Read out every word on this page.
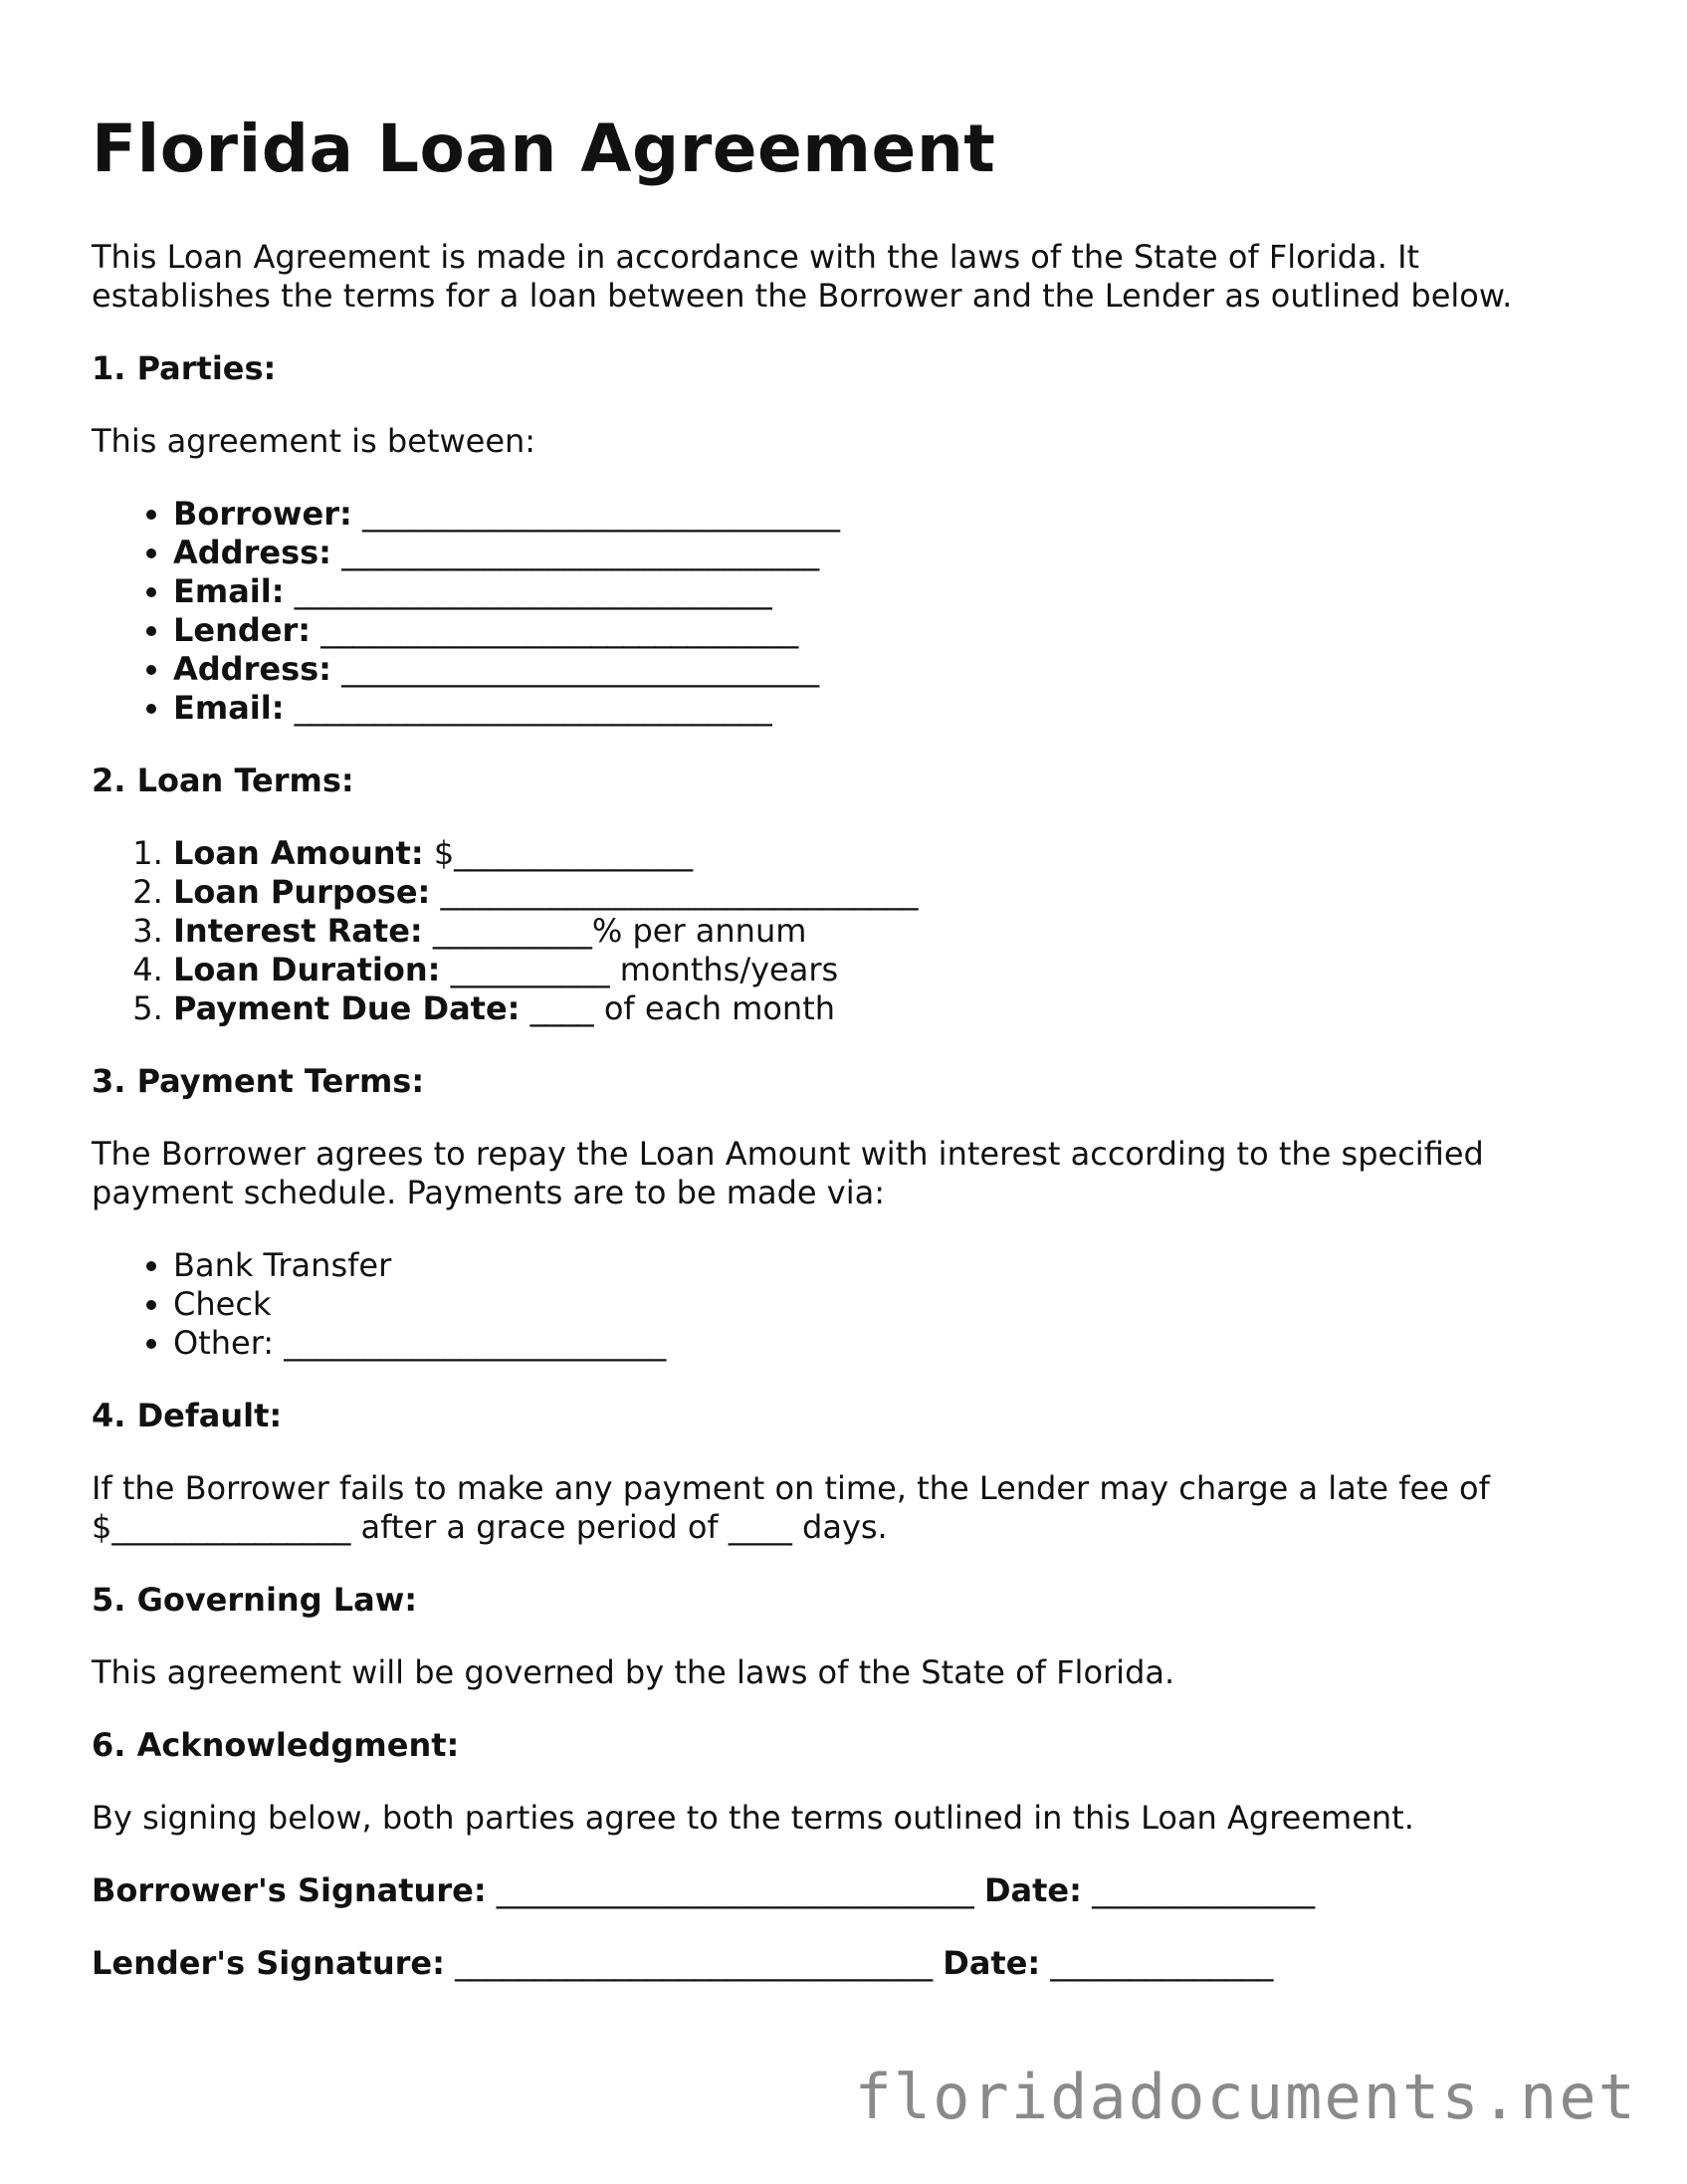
Florida Loan Agreement

This Loan Agreement is made in accordance with the laws of the State of Florida. It establishes the terms for a loan between the Borrower and the Lender as outlined below.

1. Parties:

This agreement is between:

• Borrower: ______________________________
• Address: ______________________________
• Email: ______________________________
• Lender: ______________________________
• Address: ______________________________
• Email: ______________________________
2. Loan Terms:
1. Loan Amount: $_______________
2. Loan Purpose: ______________________________
3. Interest Rate: __________% per annum
4. Loan Duration: __________ months/years
5. Payment Due Date: ____ of each month
3. Payment Terms:

The Borrower agrees to repay the Loan Amount with interest according to the specified payment schedule. Payments are to be made via:

• Bank Transfer
• Check
• Other: ________________________
4. Default:

If the Borrower fails to make any payment on time, the Lender may charge a late fee of $_______________ after a grace period of ____ days.

5. Governing Law:

This agreement will be governed by the laws of the State of Florida.

6. Acknowledgment:

By signing below, both parties agree to the terms outlined in this Loan Agreement.

Borrower's Signature: ______________________________ Date: ______________
Lender's Signature: ______________________________ Date: ______________
floridadocuments.net
